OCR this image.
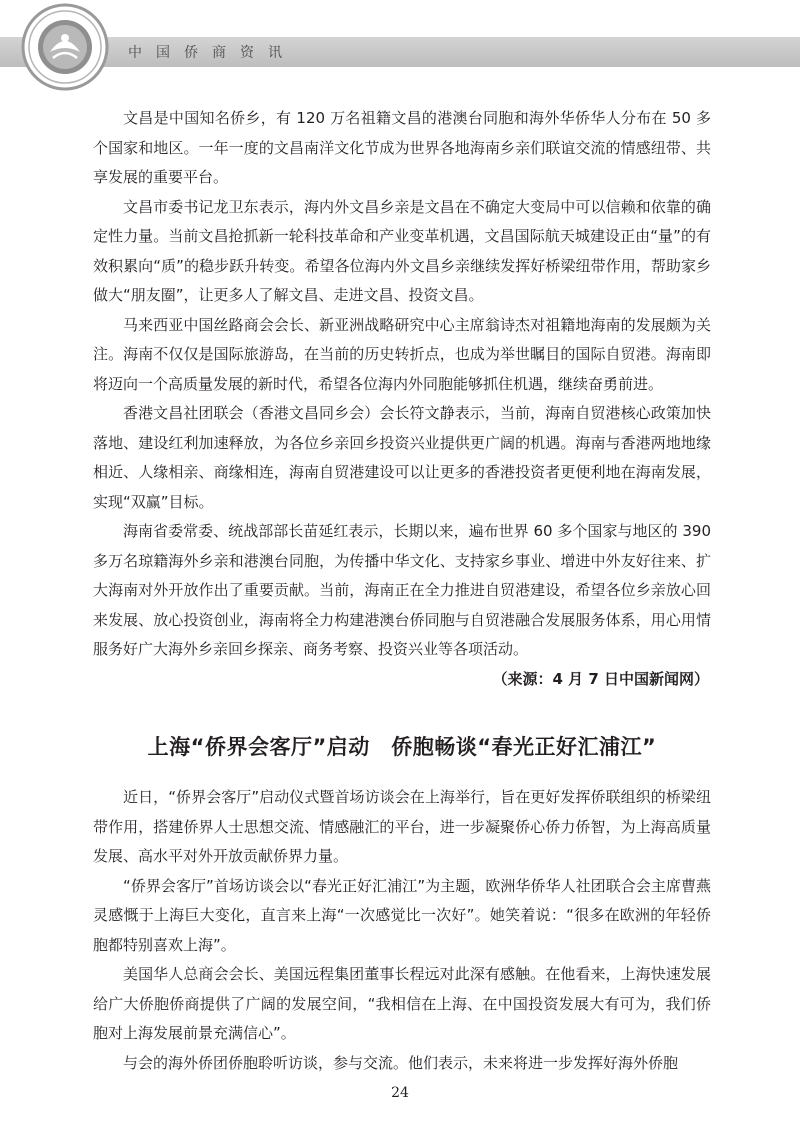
中国侨商资讯

文昌是中国知名侨乡，有 120 万名祖籍文昌的港澳台同胞和海外华侨华人分布在 50 多个国家和地区。一年一度的文昌南洋文化节成为世界各地海南乡亲们联谊交流的情感纽带、共享发展的重要平台。

文昌市委书记龙卫东表示，海内外文昌乡亲是文昌在不确定大变局中可以信赖和依靠的确定性力量。当前文昌抢抓新一轮科技革命和产业变革机遇，文昌国际航天城建设正由“量”的有效积累向“质”的稳步跃升转变。希望各位海内外文昌乡亲继续发挥好桥梁纽带作用，帮助家乡做大“朋友圈”，让更多人了解文昌、走进文昌、投资文昌。

马来西亚中国丝路商会会长、新亚洲战略研究中心主席翁诗杰对祖籍地海南的发展颇为关注。海南不仅仅是国际旅游岛，在当前的历史转折点，也成为举世瞩目的国际自贸港。海南即将迈向一个高质量发展的新时代，希望各位海内外同胞能够抓住机遇，继续奋勇前进。

香港文昌社团联会（香港文昌同乡会）会长符文静表示，当前，海南自贸港核心政策加快落地、建设红利加速释放，为各位乡亲回乡投资兴业提供更广阔的机遇。海南与香港两地地缘相近、人缘相亲、商缘相连，海南自贸港建设可以让更多的香港投资者更便利地在海南发展，实现“双赢”目标。

海南省委常委、统战部部长苗延红表示，长期以来，遍布世界 60 多个国家与地区的 390 多万名琼籍海外乡亲和港澳台同胞，为传播中华文化、支持家乡事业、增进中外友好往来、扩大海南对外开放作出了重要贡献。当前，海南正在全力推进自贸港建设，希望各位乡亲放心回来发展、放心投资创业，海南将全力构建港澳台侨同胞与自贸港融合发展服务体系，用心用情服务好广大海外乡亲回乡探亲、商务考察、投资兴业等各项活动。

（来源：4 月 7 日中国新闻网）

上海“侨界会客厅”启动　侨胞畅谈“春光正好汇浦江”

近日，“侨界会客厅”启动仪式暨首场访谈会在上海举行，旨在更好发挥侨联组织的桥梁纽带作用，搭建侨界人士思想交流、情感融汇的平台，进一步凝聚侨心侨力侨智，为上海高质量发展、高水平对外开放贡献侨界力量。

“侨界会客厅”首场访谈会以“春光正好汇浦江”为主题，欧洲华侨华人社团联合会主席曹燕灵感慨于上海巨大变化，直言来上海“一次感觉比一次好”。她笑着说：“很多在欧洲的年轻侨胞都特别喜欢上海”。

美国华人总商会会长、美国远程集团董事长程远对此深有感触。在他看来，上海快速发展给广大侨胞侨商提供了广阔的发展空间，“我相信在上海、在中国投资发展大有可为，我们侨胞对上海发展前景充满信心”。

与会的海外侨团侨胞聆听访谈，参与交流。他们表示，未来将进一步发挥好海外侨胞

24
